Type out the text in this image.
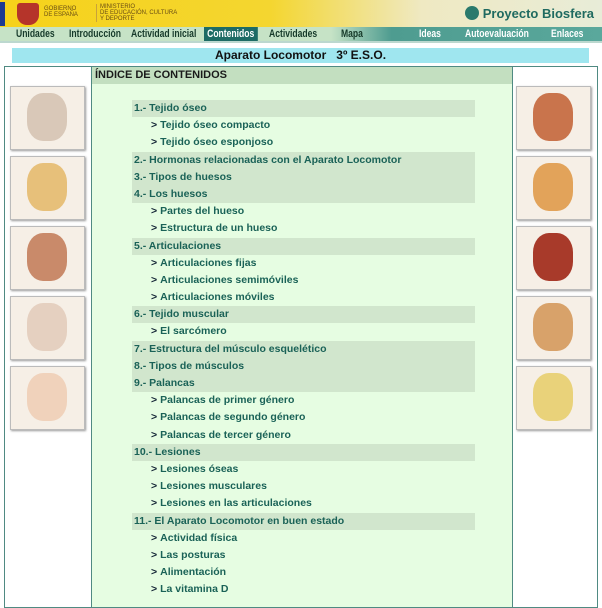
GOBIERNO
DE ESPAÑA
MINISTERIO
DE EDUCACIÓN, CULTURA
Y DEPORTE	Proyecto Biosfera
Unidades Introducción Actividad inicial Contenidos Actividades Mapa	Ideas Autoevaluación Enlaces
Aparato Locomotor   3º E.S.O.
ÍNDICE DE CONTENIDOS
1.- Tejido óseo
> Tejido óseo compacto
> Tejido óseo esponjoso
2.- Hormonas relacionadas con el Aparato Locomotor
3.- Tipos de huesos
4.- Los huesos
> Partes del hueso
> Estructura de un hueso
5.- Articulaciones
> Articulaciones fijas
> Articulaciones semimóviles
> Articulaciones móviles
6.- Tejido muscular
> El sarcómero
7.- Estructura del músculo esquelético
8.- Tipos de músculos
9.- Palancas
> Palancas de primer género
> Palancas de segundo género
> Palancas de tercer género
10.- Lesiones
> Lesiones óseas
> Lesiones musculares
> Lesiones en las articulaciones
11.- El Aparato Locomotor en buen estado
> Actividad física
> Las posturas
> Alimentación
> La vitamina D
